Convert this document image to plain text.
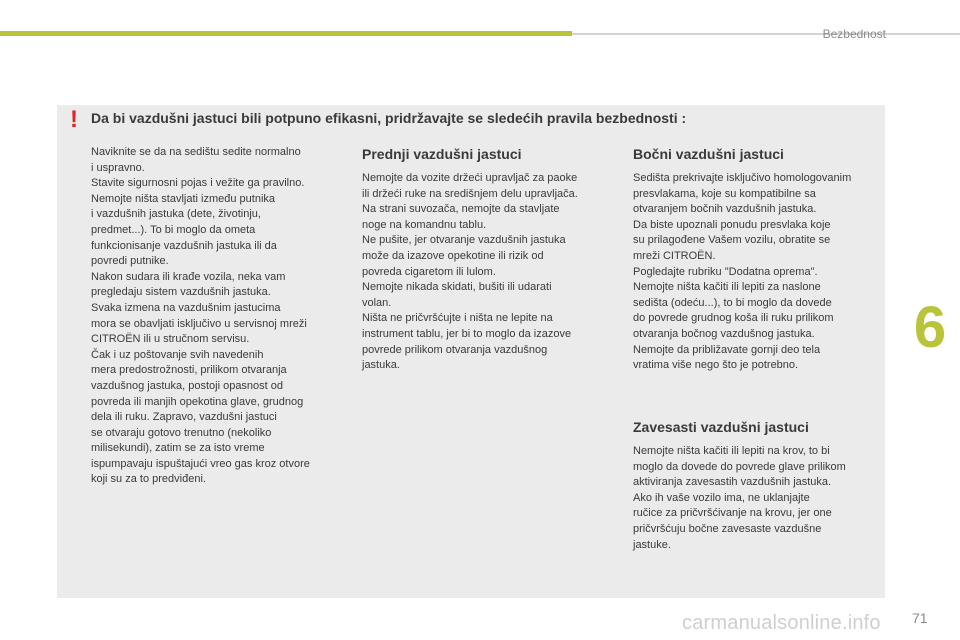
Bezbednost
6
! Da bi vazdušni jastuci bili potpuno efikasni, pridržavajte se sledećih pravila bezbednosti :
Naviknite se da na sedištu sedite normalno
i uspravno.
Stavite sigurnosni pojas i vežite ga pravilno.
Nemojte ništa stavljati između putnika
i vazdušnih jastuka (dete, životinju,
predmet...). To bi moglo da ometa
funkcionisanje vazdušnih jastuka ili da
povredi putnike.
Nakon sudara ili krađe vozila, neka vam
pregledaju sistem vazdušnih jastuka.
Svaka izmena na vazdušnim jastucima
mora se obavljati isključivo u servisnoj mreži
CITROËN ili u stručnom servisu.
Čak i uz poštovanje svih navedenih
mera predostrožnosti, prilikom otvaranja
vazdušnog jastuka, postoji opasnost od
povreda ili manjih opekotina glave, grudnog
dela ili ruku. Zapravo, vazdušni jastuci
se otvaraju gotovo trenutno (nekoliko
milisekundi), zatim se za isto vreme
ispumpavaju ispuštajući vreo gas kroz otvore
koji su za to predviđeni.
Prednji vazdušni jastuci
Nemojte da vozite držeći upravljač za paoke
ili držeći ruke na središnjem delu upravljača.
Na strani suvozača, nemojte da stavljate
noge na komandnu tablu.
Ne pušite, jer otvaranje vazdušnih jastuka
može da izazove opekotine ili rizik od
povreda cigaretom ili lulom.
Nemojte nikada skidati, bušiti ili udarati
volan.
Ništa ne pričvršćujte i ništa ne lepite na
instrument tablu, jer bi to moglo da izazove
povrede prilikom otvaranja vazdušnog
jastuka.
Bočni vazdušni jastuci
Sedišta prekrivajte isključivo homologovanim
presvlakama, koje su kompatibilne sa
otvaranjem bočnih vazdušnih jastuka.
Da biste upoznali ponudu presvlaka koje
su prilagođene Vašem vozilu, obratite se
mreži CITROËN.
Pogledajte rubriku "Dodatna oprema".
Nemojte ništa kačiti ili lepiti za naslone
sedišta (odeću...), to bi moglo da dovede
do povrede grudnog koša ili ruku prilikom
otvaranja bočnog vazdušnog jastuka.
Nemojte da približavate gornji deo tela
vratima više nego što je potrebno.
Zavesasti vazdušni jastuci
Nemojte ništa kačiti ili lepiti na krov, to bi
moglo da dovede do povrede glave prilikom
aktiviranja zavesastih vazdušnih jastuka.
Ako ih vaše vozilo ima, ne uklanjajte
ručice za pričvršćivanje na krovu, jer one
pričvršćuju bočne zavesaste vazdušne
jastuke.
carmanualsonline.info 71
